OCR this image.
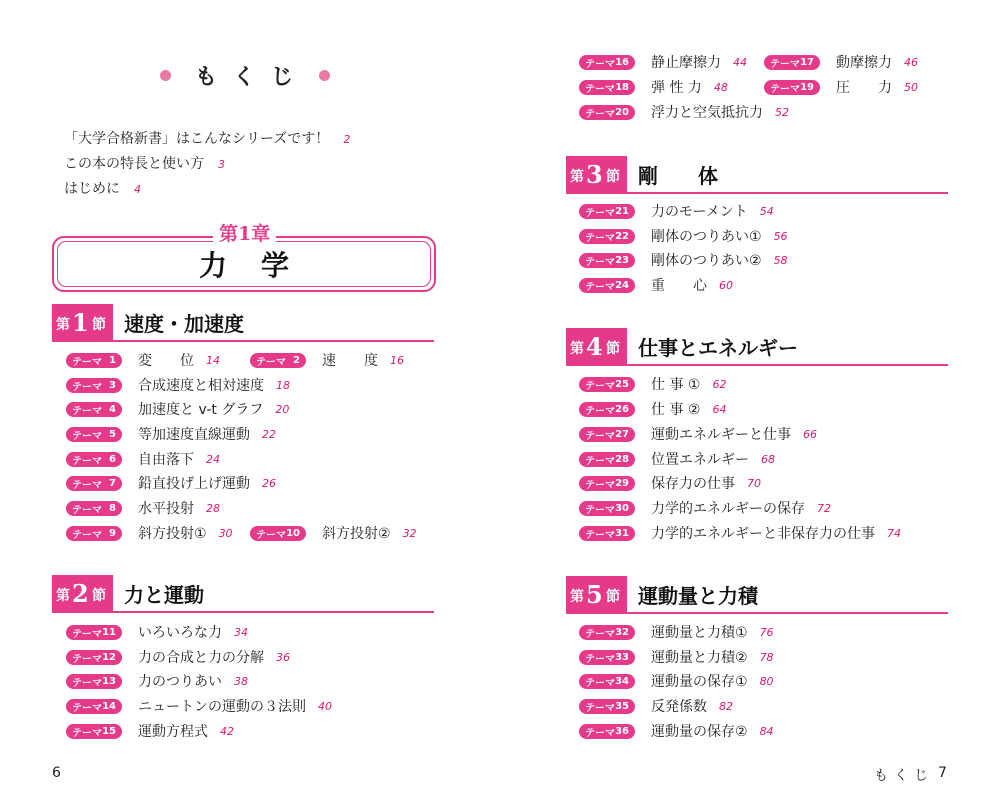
もくじ
「大学合格新書」はこんなシリーズです！ 2
この本の特長と使い方 3
はじめに 4
第1章
力学
第 1 節 速度・加速度
テーマ 1 変　　位 14	テーマ 2 速　　度 16
テーマ 3 合成速度と相対速度 18
テーマ 4 加速度と v-t グラフ 20
テーマ 5 等加速度直線運動 22
テーマ 6 自由落下 24
テーマ 7 鉛直投げ上げ運動 26
テーマ 8 水平投射 28
テーマ 9 斜方投射① 30 テーマ 10 斜方投射② 32
第 2 節 力と運動
テーマ 11 いろいろな力 34
テーマ 12 力の合成と力の分解 36
テーマ 13 力のつりあい 38
テーマ 14 ニュートンの運動の３法則 40
テーマ 15 運動方程式 42
6
テーマ 16 静止摩擦力 44 テーマ 17 動摩擦力 46
テーマ 18 弾 性 力 48	テーマ 19 圧　　力 50
テーマ 20 浮力と空気抵抗力 52
第 3 節 剛　　体
テーマ 21 力のモーメント 54
テーマ 22 剛体のつりあい① 56
テーマ 23 剛体のつりあい② 58
テーマ 24 重　　心 60
第 4 節 仕事とエネルギー
テーマ 25 仕 事 ① 62
テーマ 26 仕 事 ② 64
テーマ 27 運動エネルギーと仕事 66
テーマ 28 位置エネルギー 68
テーマ 29 保存力の仕事 70
テーマ 30 力学的エネルギーの保存 72
テーマ 31 力学的エネルギーと非保存力の仕事 74
第 5 節 運動量と力積
テーマ 32 運動量と力積① 76
テーマ 33 運動量と力積② 78
テーマ 34 運動量の保存① 80
テーマ 35 反発係数 82
テーマ 36 運動量の保存② 84
もくじ 7
